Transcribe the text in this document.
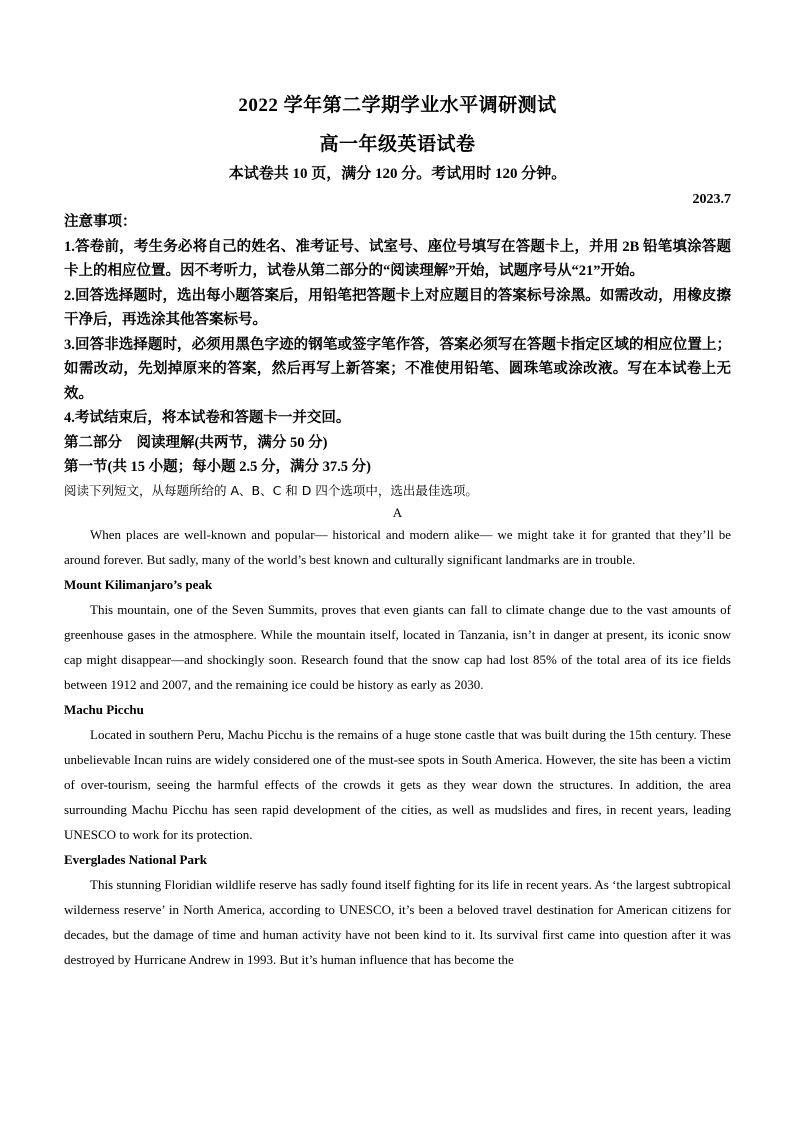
2022 学年第二学期学业水平调研测试
高一年级英语试卷
本试卷共 10 页，满分 120 分。考试用时 120 分钟。
2023.7

注意事项：

1.答卷前，考生务必将自己的姓名、准考证号、试室号、座位号填写在答题卡上，并用 2B 铅笔填涂答题卡上的相应位置。因不考听力，试卷从第二部分的“阅读理解”开始，试题序号从“21”开始。

2.回答选择题时，选出每小题答案后，用铅笔把答题卡上对应题目的答案标号涂黑。如需改动，用橡皮擦干净后，再选涂其他答案标号。

3.回答非选择题时，必须用黑色字迹的钢笔或签字笔作答，答案必须写在答题卡指定区域的相应位置上；如需改动，先划掉原来的答案，然后再写上新答案；不准使用铅笔、圆珠笔或涂改液。写在本试卷上无效。

4.考试结束后，将本试卷和答题卡一并交回。

第二部分　阅读理解(共两节，满分 50 分)

第一节(共 15 小题；每小题 2.5 分，满分 37.5 分)

阅读下列短文，从每题所给的 A、B、C 和 D 四个选项中，选出最佳选项。
A

When places are well-known and popular— historical and modern alike— we might take it for granted that they’ll be around forever. But sadly, many of the world’s best known and culturally significant landmarks are in trouble.

Mount Kilimanjaro’s peak

This mountain, one of the Seven Summits, proves that even giants can fall to climate change due to the vast amounts of greenhouse gases in the atmosphere. While the mountain itself, located in Tanzania, isn’t in danger at present, its iconic snow cap might disappear—and shockingly soon. Research found that the snow cap had lost 85% of the total area of its ice fields between 1912 and 2007, and the remaining ice could be history as early as 2030.

Machu Picchu

Located in southern Peru, Machu Picchu is the remains of a huge stone castle that was built during the 15th century. These unbelievable Incan ruins are widely considered one of the must-see spots in South America. However, the site has been a victim of over-tourism, seeing the harmful effects of the crowds it gets as they wear down the structures. In addition, the area surrounding Machu Picchu has seen rapid development of the cities, as well as mudslides and fires, in recent years, leading UNESCO to work for its protection.

Everglades National Park

This stunning Floridian wildlife reserve has sadly found itself fighting for its life in recent years. As ‘the largest subtropical wilderness reserve’ in North America, according to UNESCO, it’s been a beloved travel destination for American citizens for decades, but the damage of time and human activity have not been kind to it. Its survival first came into question after it was destroyed by Hurricane Andrew in 1993. But it’s human influence that has become the
